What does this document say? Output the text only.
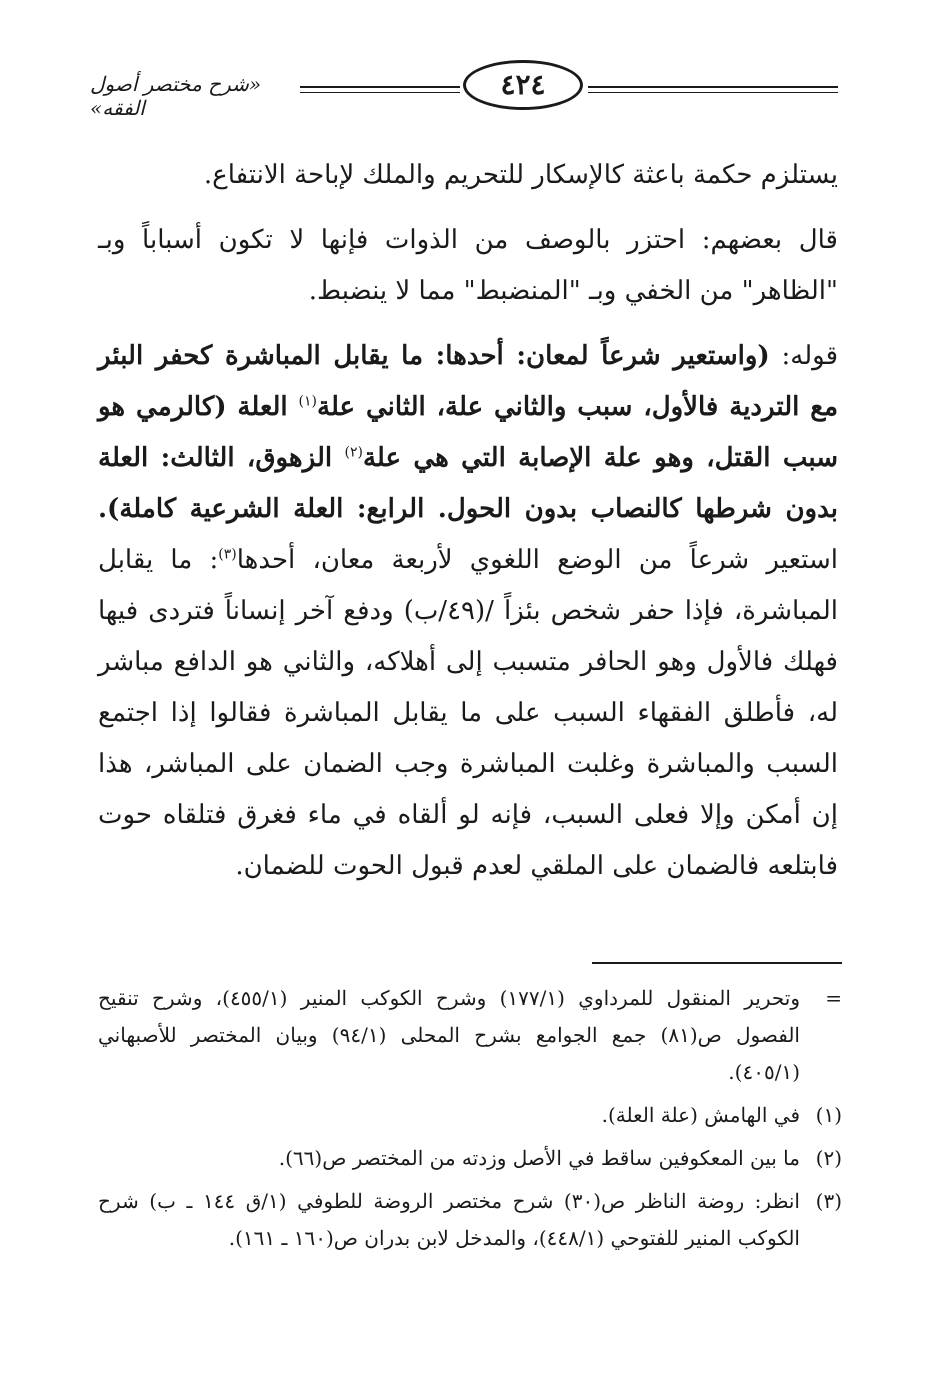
٤٢٤
«شرح مختصر أصول الفقه»

يستلزم حكمة باعثة كالإسكار للتحريم والملك لإباحة الانتفاع.

قال بعضهم: احتزر بالوصف من الذوات فإنها لا تكون أسباباً وبـ "الظاهر" من الخفي وبـ "المنضبط" مما لا ينضبط.

قوله: (واستعير شرعاً لمعان: أحدها: ما يقابل المباشرة كحفر البئر مع التردية فالأول، سبب والثاني علة، الثاني علة$^{(١)}$ العلة (كالرمي هو سبب القتل، وهو علة الإصابة التي هي علة$^{(٢)}$ الزهوق، الثالث: العلة بدون شرطها كالنصاب بدون الحول. الرابع: العلة الشرعية كاملة). استعير شرعاً من الوضع اللغوي لأربعة معان، أحدها$^{(٣)}$: ما يقابل المباشرة، فإذا حفر شخص بئزاً /(٤٩/ب) ودفع آخر إنساناً فتردى فيها فهلك فالأول وهو الحافر متسبب إلى أهلاكه، والثاني هو الدافع مباشر له، فأطلق الفقهاء السبب على ما يقابل المباشرة فقالوا إذا اجتمع السبب والمباشرة وغلبت المباشرة وجب الضمان على المباشر، هذا إن أمكن وإلا فعلى السبب، فإنه لو ألقاه في ماء فغرق فتلقاه حوت فابتلعه فالضمان على الملقي لعدم قبول الحوت للضمان.

=
وتحرير المنقول للمرداوي (١٧٧/١) وشرح الكوكب المنير (٤٥٥/١)، وشرح تنقيح الفصول ص(٨١) جمع الجوامع بشرح المحلى (٩٤/١) وبيان المختصر للأصبهاني (٤٠٥/١).
(١)
في الهامش (علة العلة).
(٢)
ما بين المعكوفين ساقط في الأصل وزدته من المختصر ص(٦٦).
(٣)
انظر: روضة الناظر ص(٣٠) شرح مختصر الروضة للطوفي (١/ق ١٤٤ ـ ب) شرح الكوكب المنير للفتوحي (٤٤٨/١)، والمدخل لابن بدران ص(١٦٠ ـ ١٦١).
